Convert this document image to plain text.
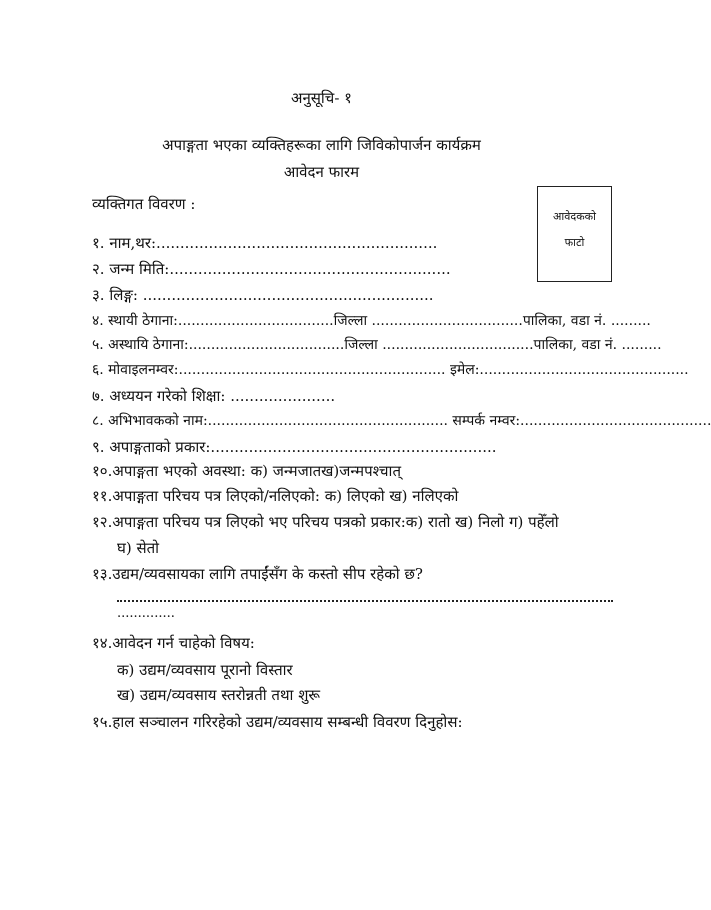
अनुसूचि- १
अपाङ्गता भएका व्यक्तिहरूका लागि जिविकोपार्जन कार्यक्रम
आवेदन फारम
व्यक्तिगत विवरण :
आवेदकको
फाटो
१. नाम,थर:...........................................................
२. जन्म मिति:...........................................................
३. लिङ्ग: .............................................................
४. स्थायी ठेगाना:...................................जिल्ला ..................................पालिका, वडा नं. .........
५. अस्थायि ठेगाना:...................................जिल्ला ..................................पालिका, वडा नं. .........
६. मोवाइलनम्वर:............................................................ इमेल:...............................................
७. अध्ययन गरेको शिक्षा: ......................
८. अभिभावकको नाम:...................................................... सम्पर्क नम्वर:...........................................
९. अपाङ्गताको प्रकार:............................................................
१०.अपाङ्गता भएको अवस्था: क) जन्मजातख)जन्मपश्चात्
११.अपाङ्गता परिचय पत्र लिएको/नलिएको: क) लिएको ख) नलिएको
१२.अपाङ्गता परिचय पत्र लिएको भए परिचय पत्रको प्रकार:क) रातो ख) निलो ग) पहेँलो
घ) सेतो
१३.उद्यम/व्यवसायका लागि तपाईंसँग के कस्तो सीप रहेको छ?
..............
१४.आवेदन गर्न चाहेको विषय:
क) उद्यम/व्यवसाय पूरानो विस्तार
ख) उद्यम/व्यवसाय स्तरोन्नती तथा शुरू
१५.हाल सञ्चालन गरिरहेको उद्यम/व्यवसाय सम्बन्धी विवरण दिनुहोस:
